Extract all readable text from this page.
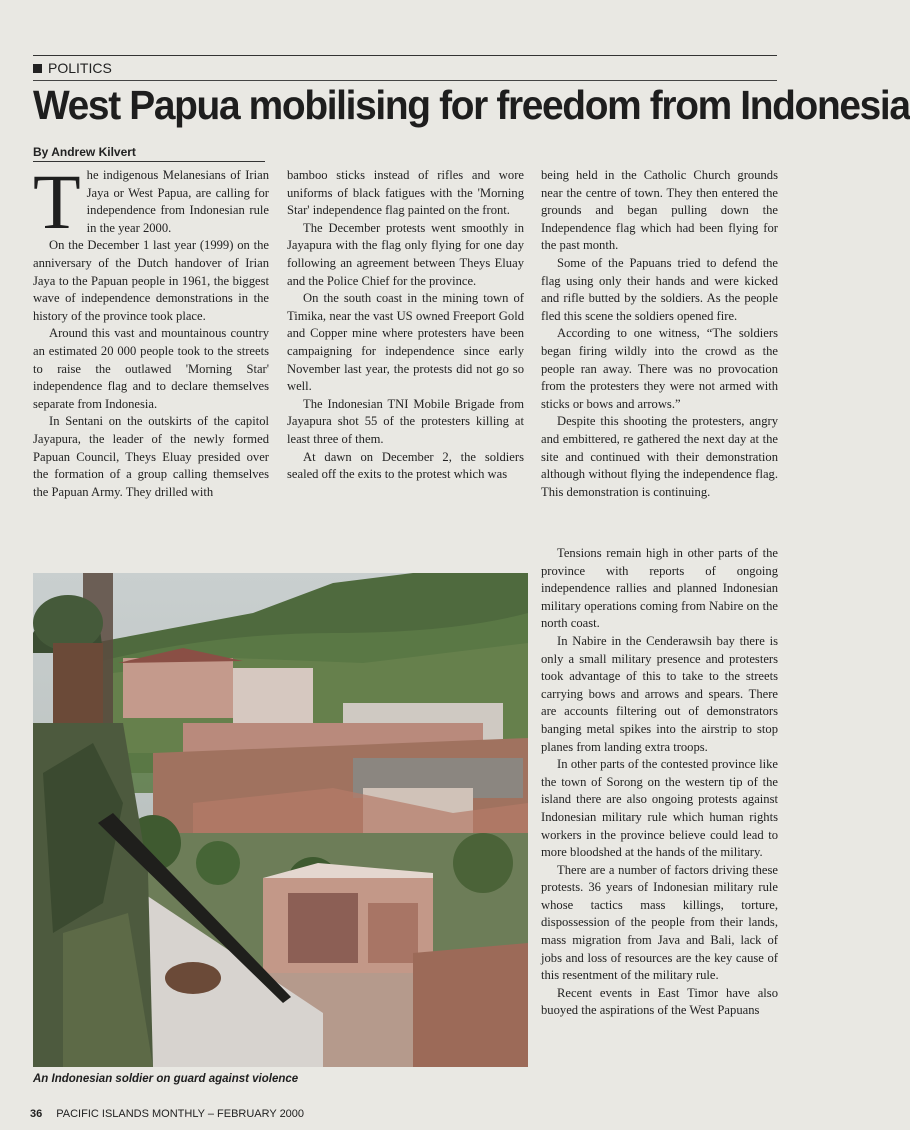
POLITICS
West Papua mobilising for freedom from Indonesia
By Andrew Kilvert

The indigenous Melanesians of Irian Jaya or West Papua, are calling for independence from Indonesian rule in the year 2000.

On the December 1 last year (1999) on the anniversary of the Dutch handover of Irian Jaya to the Papuan people in 1961, the biggest wave of independence demonstrations in the history of the province took place.

Around this vast and mountainous country an estimated 20 000 people took to the streets to raise the outlawed 'Morning Star' independence flag and to declare themselves separate from Indonesia.

In Sentani on the outskirts of the capitol Jayapura, the leader of the newly formed Papuan Council, Theys Eluay presided over the formation of a group calling themselves the Papuan Army. They drilled with

bamboo sticks instead of rifles and wore uniforms of black fatigues with the 'Morning Star' independence flag painted on the front.

The December protests went smoothly in Jayapura with the flag only flying for one day following an agreement between Theys Eluay and the Police Chief for the province.

On the south coast in the mining town of Timika, near the vast US owned Freeport Gold and Copper mine where protesters have been campaigning for independence since early November last year, the protests did not go so well.

The Indonesian TNI Mobile Brigade from Jayapura shot 55 of the protesters killing at least three of them.

At dawn on December 2, the soldiers sealed off the exits to the protest which was

being held in the Catholic Church grounds near the centre of town. They then entered the grounds and began pulling down the Independence flag which had been flying for the past month.

Some of the Papuans tried to defend the flag using only their hands and were kicked and rifle butted by the soldiers. As the people fled this scene the soldiers opened fire.

According to one witness, “The soldiers began firing wildly into the crowd as the people ran away. There was no provocation from the protesters they were not armed with sticks or bows and arrows.”

Despite this shooting the protesters, angry and embittered, re gathered the next day at the site and continued with their demonstration although without flying the independence flag. This demonstration is continuing.

Tensions remain high in other parts of the province with reports of ongoing independence rallies and planned Indonesian military operations coming from Nabire on the north coast.

In Nabire in the Cenderawsih bay there is only a small military presence and protesters took advantage of this to take to the streets carrying bows and arrows and spears. There are accounts filtering out of demonstrators banging metal spikes into the airstrip to stop planes from landing extra troops.

In other parts of the contested province like the town of Sorong on the western tip of the island there are also ongoing protests against Indonesian military rule which human rights workers in the province believe could lead to more bloodshed at the hands of the military.

There are a number of factors driving these protests. 36 years of Indonesian military rule whose tactics mass killings, torture, dispossession of the people from their lands, mass migration from Java and Bali, lack of jobs and loss of resources are the key cause of this resentment of the military rule.

Recent events in East Timor have also buoyed the aspirations of the West Papuans

An Indonesian soldier on guard against violence
36 PACIFIC ISLANDS MONTHLY – FEBRUARY 2000
